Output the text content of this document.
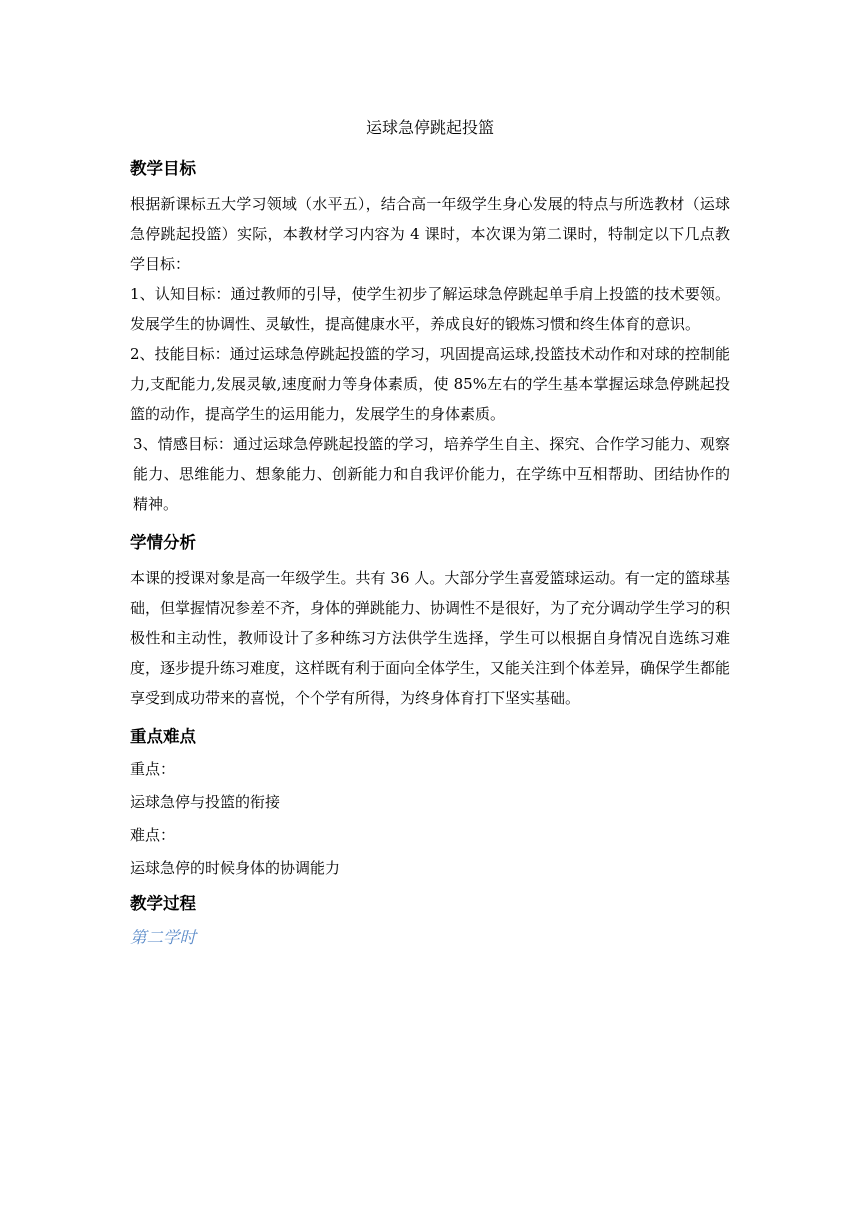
运球急停跳起投篮
教学目标

根据新课标五大学习领域（水平五），结合高一年级学生身心发展的特点与所选教材（运球急停跳起投篮）实际，本教材学习内容为 4 课时，本次课为第二课时，特制定以下几点教学目标：

1、认知目标：通过教师的引导，使学生初步了解运球急停跳起单手肩上投篮的技术要领。发展学生的协调性、灵敏性，提高健康水平，养成良好的锻炼习惯和终生体育的意识。

2、技能目标：通过运球急停跳起投篮的学习，巩固提高运球,投篮技术动作和对球的控制能力,支配能力,发展灵敏,速度耐力等身体素质，使 85%左右的学生基本掌握运球急停跳起投篮的动作，提高学生的运用能力，发展学生的身体素质。

3、情感目标：通过运球急停跳起投篮的学习，培养学生自主、探究、合作学习能力、观察能力、思维能力、想象能力、创新能力和自我评价能力，在学练中互相帮助、团结协作的精神。

学情分析

本课的授课对象是高一年级学生。共有 36 人。大部分学生喜爱篮球运动。有一定的篮球基础，但掌握情况参差不齐，身体的弹跳能力、协调性不是很好，为了充分调动学生学习的积极性和主动性，教师设计了多种练习方法供学生选择，学生可以根据自身情况自选练习难度，逐步提升练习难度，这样既有利于面向全体学生，又能关注到个体差异，确保学生都能享受到成功带来的喜悦，个个学有所得，为终身体育打下坚实基础。

重点难点
重点：
运球急停与投篮的衔接
难点：
运球急停的时候身体的协调能力
教学过程
第二学时
